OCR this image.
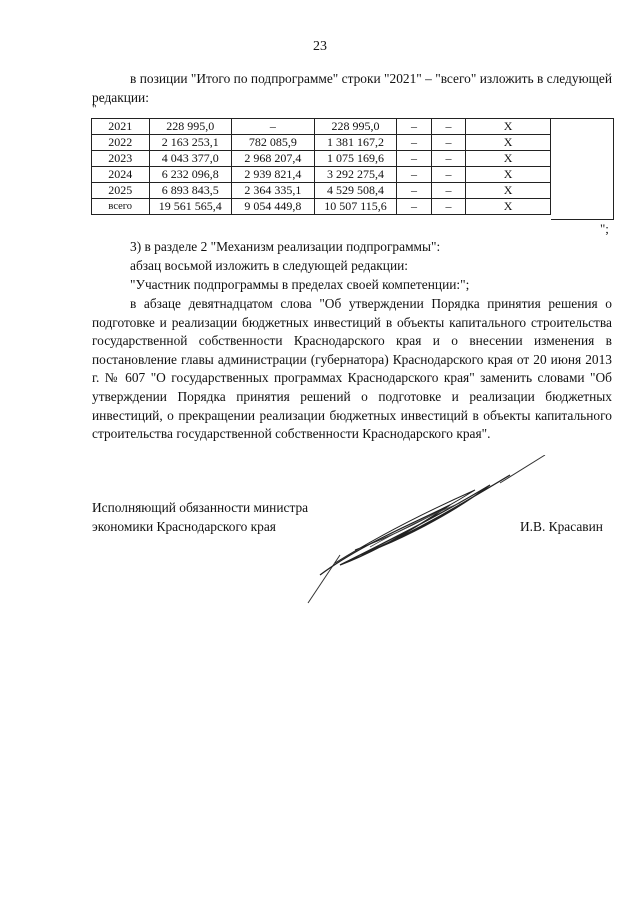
23
в позиции "Итого по подпрограмме" строки "2021" – "всего" изложить в следующей редакции:
"
2021	228 995,0	–	228 995,0	–	–	X
2022	2 163 253,1	782 085,9	1 381 167,2	–	–	X
2023	4 043 377,0	2 968 207,4	1 075 169,6	–	–	X
2024	6 232 096,8	2 939 821,4	3 292 275,4	–	–	X
2025	6 893 843,5	2 364 335,1	4 529 508,4	–	–	X
всего	19 561 565,4	9 054 449,8	10 507 115,6	–	–	X
";
3) в разделе 2 "Механизм реализации подпрограммы":
абзац восьмой изложить в следующей редакции:
"Участник подпрограммы в пределах своей компетенции:";
в абзаце девятнадцатом слова "Об утверждении Порядка принятия решения о подготовке и реализации бюджетных инвестиций в объекты капитального строительства государственной собственности Краснодарского края и о внесении изменения в постановление главы администрации (губернатора) Краснодарского края от 20 июня 2013 г. № 607 "О государственных программах Краснодарского края" заменить словами "Об утверждении Порядка принятия решений о подготовке и реализации бюджетных инвестиций, о прекращении реализации бюджетных инвестиций в объекты капитального строительства государственной собственности Краснодарского края".
Исполняющий обязанности министра
экономики Краснодарского края	И.В. Красавин
